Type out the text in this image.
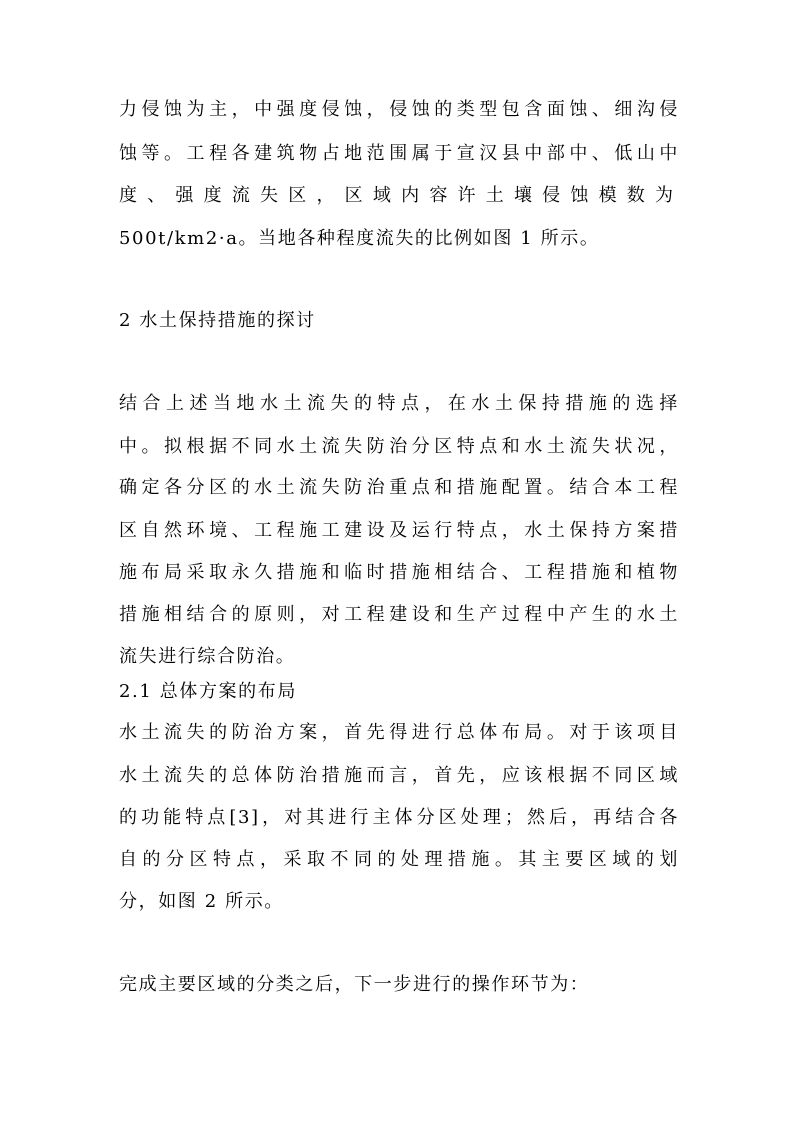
力侵蚀为主，中强度侵蚀，侵蚀的类型包含面蚀、细沟侵
蚀等。工程各建筑物占地范围属于宣汉县中部中、低山中
度、强度流失区，区域内容许土壤侵蚀模数为
500t/km2·a。当地各种程度流失的比例如图 1 所示。
2 水土保持措施的探讨
结合上述当地水土流失的特点，在水土保持措施的选择
中。拟根据不同水土流失防治分区特点和水土流失状况，
确定各分区的水土流失防治重点和措施配置。结合本工程
区自然环境、工程施工建设及运行特点，水土保持方案措
施布局采取永久措施和临时措施相结合、工程措施和植物
措施相结合的原则，对工程建设和生产过程中产生的水土
流失进行综合防治。
2.1 总体方案的布局
水土流失的防治方案，首先得进行总体布局。对于该项目
水土流失的总体防治措施而言，首先，应该根据不同区域
的功能特点[3]，对其进行主体分区处理；然后，再结合各
自的分区特点，采取不同的处理措施。其主要区域的划
分，如图 2 所示。
完成主要区域的分类之后，下一步进行的操作环节为：
